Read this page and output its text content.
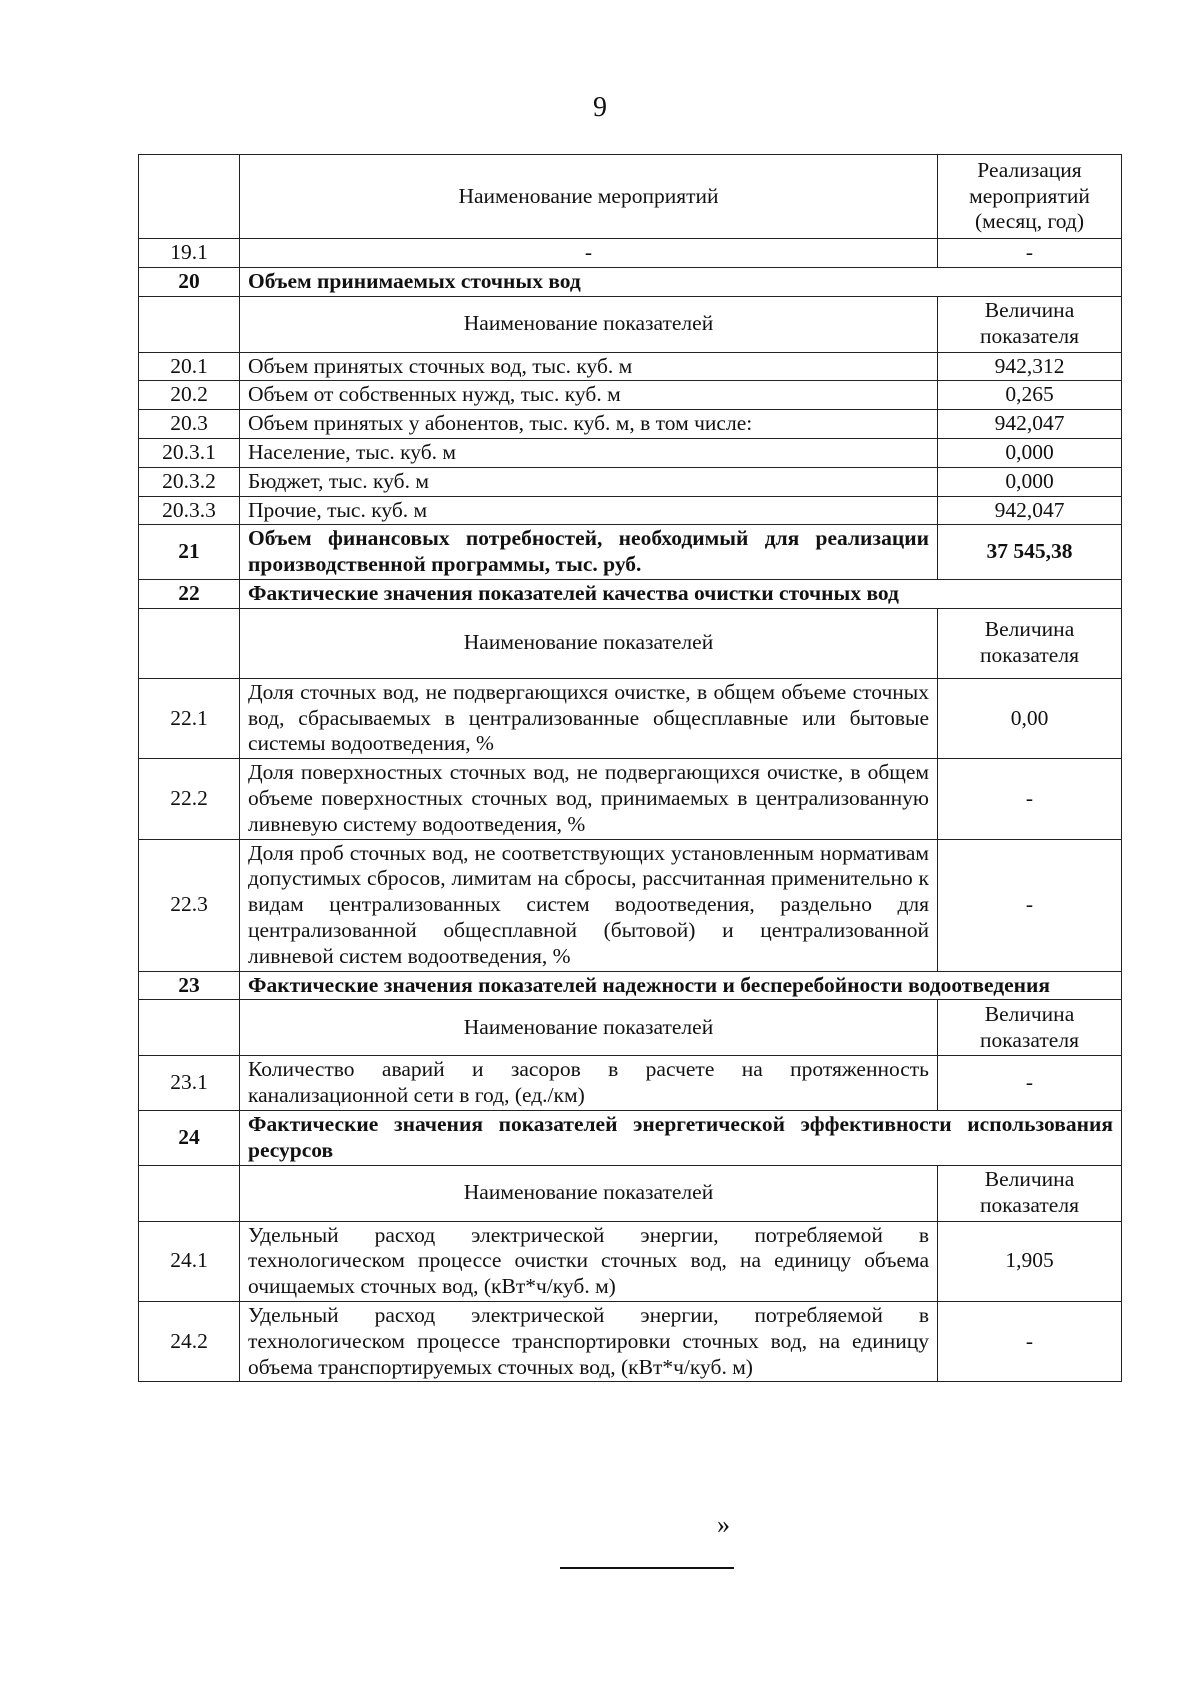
9
	Наименование мероприятий	Реализация мероприятий (месяц, год)
19.1	-	-
20	Объем принимаемых сточных вод	
	Наименование показателей	Величина показателя
20.1	Объем принятых сточных вод, тыс. куб. м	942,312
20.2	Объем от собственных нужд, тыс. куб. м	0,265
20.3	Объем принятых у абонентов, тыс. куб. м, в том числе:	942,047
20.3.1	Население, тыс. куб. м	0,000
20.3.2	Бюджет, тыс. куб. м	0,000
20.3.3	Прочие, тыс. куб. м	942,047
21	Объем финансовых потребностей, необходимый для реализации производственной программы, тыс. руб.	37 545,38
22	Фактические значения показателей качества очистки сточных вод	
	Наименование показателей	Величина показателя
22.1	Доля сточных вод, не подвергающихся очистке, в общем объеме сточных вод, сбрасываемых в централизованные общесплавные или бытовые системы водоотведения, %	0,00
22.2	Доля поверхностных сточных вод, не подвергающихся очистке, в общем объеме поверхностных сточных вод, принимаемых в централизованную ливневую систему водоотведения, %	-
22.3	Доля проб сточных вод, не соответствующих установленным нормативам допустимых сбросов, лимитам на сбросы, рассчитанная применительно к видам централизованных систем водоотведения, раздельно для централизованной общесплавной (бытовой) и централизованной ливневой систем водоотведения, %	-
23	Фактические значения показателей надежности и бесперебойности водоотведения	
	Наименование показателей	Величина показателя
23.1	Количество аварий и засоров в расчете на протяженность канализационной сети в год, (ед./км)	-
24	Фактические значения показателей энергетической эффективности использования ресурсов	
	Наименование показателей	Величина показателя
24.1	Удельный расход электрической энергии, потребляемой в технологическом процессе очистки сточных вод, на единицу объема очищаемых сточных вод, (кВт*ч/куб. м)	1,905
24.2	Удельный расход электрической энергии, потребляемой в технологическом процессе транспортировки сточных вод, на единицу объема транспортируемых сточных вод, (кВт*ч/куб. м)	-
»
